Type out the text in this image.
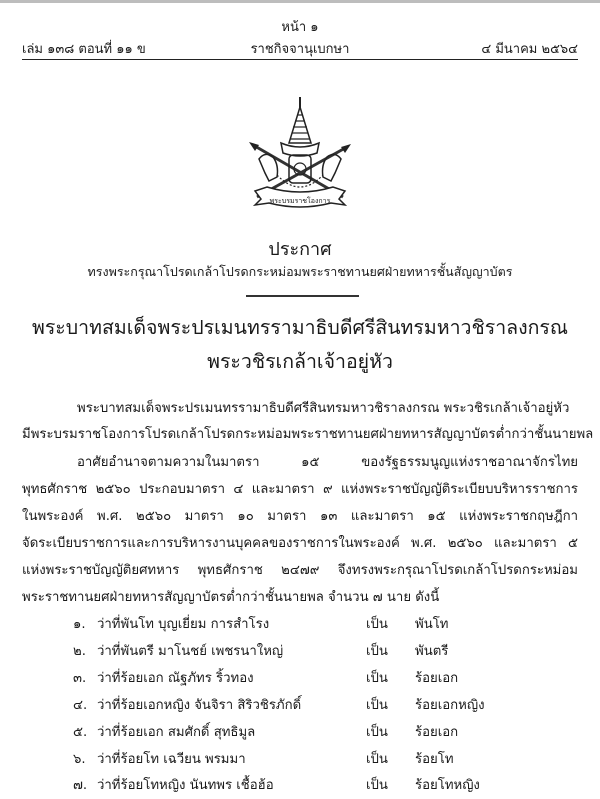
หน้า ๑
เล่ม ๑๓๘ ตอนที่ ๑๑ ข	ราชกิจจานุเบกษา	๔ มีนาคม ๒๕๖๔
พระบรมราชโองการ
ประกาศ
ทรงพระกรุณาโปรดเกล้าโปรดกระหม่อมพระราชทานยศฝ่ายทหารชั้นสัญญาบัตร
พระบาทสมเด็จพระปรเมนทรรามาธิบดีศรีสินทรมหาวชิราลงกรณ
พระวชิรเกล้าเจ้าอยู่หัว
พระบาทสมเด็จพระปรเมนทรรามาธิบดีศรีสินทรมหาวชิราลงกรณ พระวชิรเกล้าเจ้าอยู่หัว
มีพระบรมราชโองการโปรดเกล้าโปรดกระหม่อมพระราชทานยศฝ่ายทหารสัญญาบัตรต่ำกว่าชั้นนายพล
อาศัยอำนาจตามความในมาตรา ๑๕ ของรัฐธรรมนูญแห่งราชอาณาจักรไทย
พุทธศักราช ๒๕๖๐ ประกอบมาตรา ๔ และมาตรา ๙ แห่งพระราชบัญญัติระเบียบบริหารราชการ
ในพระองค์ พ.ศ. ๒๕๖๐ มาตรา ๑๐ มาตรา ๑๓ และมาตรา ๑๕ แห่งพระราชกฤษฎีกา
จัดระเบียบราชการและการบริหารงานบุคคลของราชการในพระองค์ พ.ศ. ๒๕๖๐ และมาตรา ๕
แห่งพระราชบัญญัติยศทหาร พุทธศักราช ๒๔๗๙ จึงทรงพระกรุณาโปรดเกล้าโปรดกระหม่อม
พระราชทานยศฝ่ายทหารสัญญาบัตรต่ำกว่าชั้นนายพล จำนวน ๗ นาย ดังนี้
๑. ว่าที่พันโท บุญเยี่ยม การสำโรง	เป็น พันโท
๒. ว่าที่พันตรี มาโนชย์ เพชรนาใหญ่	เป็น พันตรี
๓. ว่าที่ร้อยเอก ณัฐภัทร ริ้วทอง	เป็น ร้อยเอก
๔. ว่าที่ร้อยเอกหญิง จันจิรา สิริวชิรภักดิ์	เป็น ร้อยเอกหญิง
๕. ว่าที่ร้อยเอก สมศักดิ์ สุทธิมูล	เป็น ร้อยเอก
๖. ว่าที่ร้อยโท เฉวียน พรมมา	เป็น ร้อยโท
๗. ว่าที่ร้อยโทหญิง นันทพร เชื้อฮ้อ	เป็น ร้อยโทหญิง
